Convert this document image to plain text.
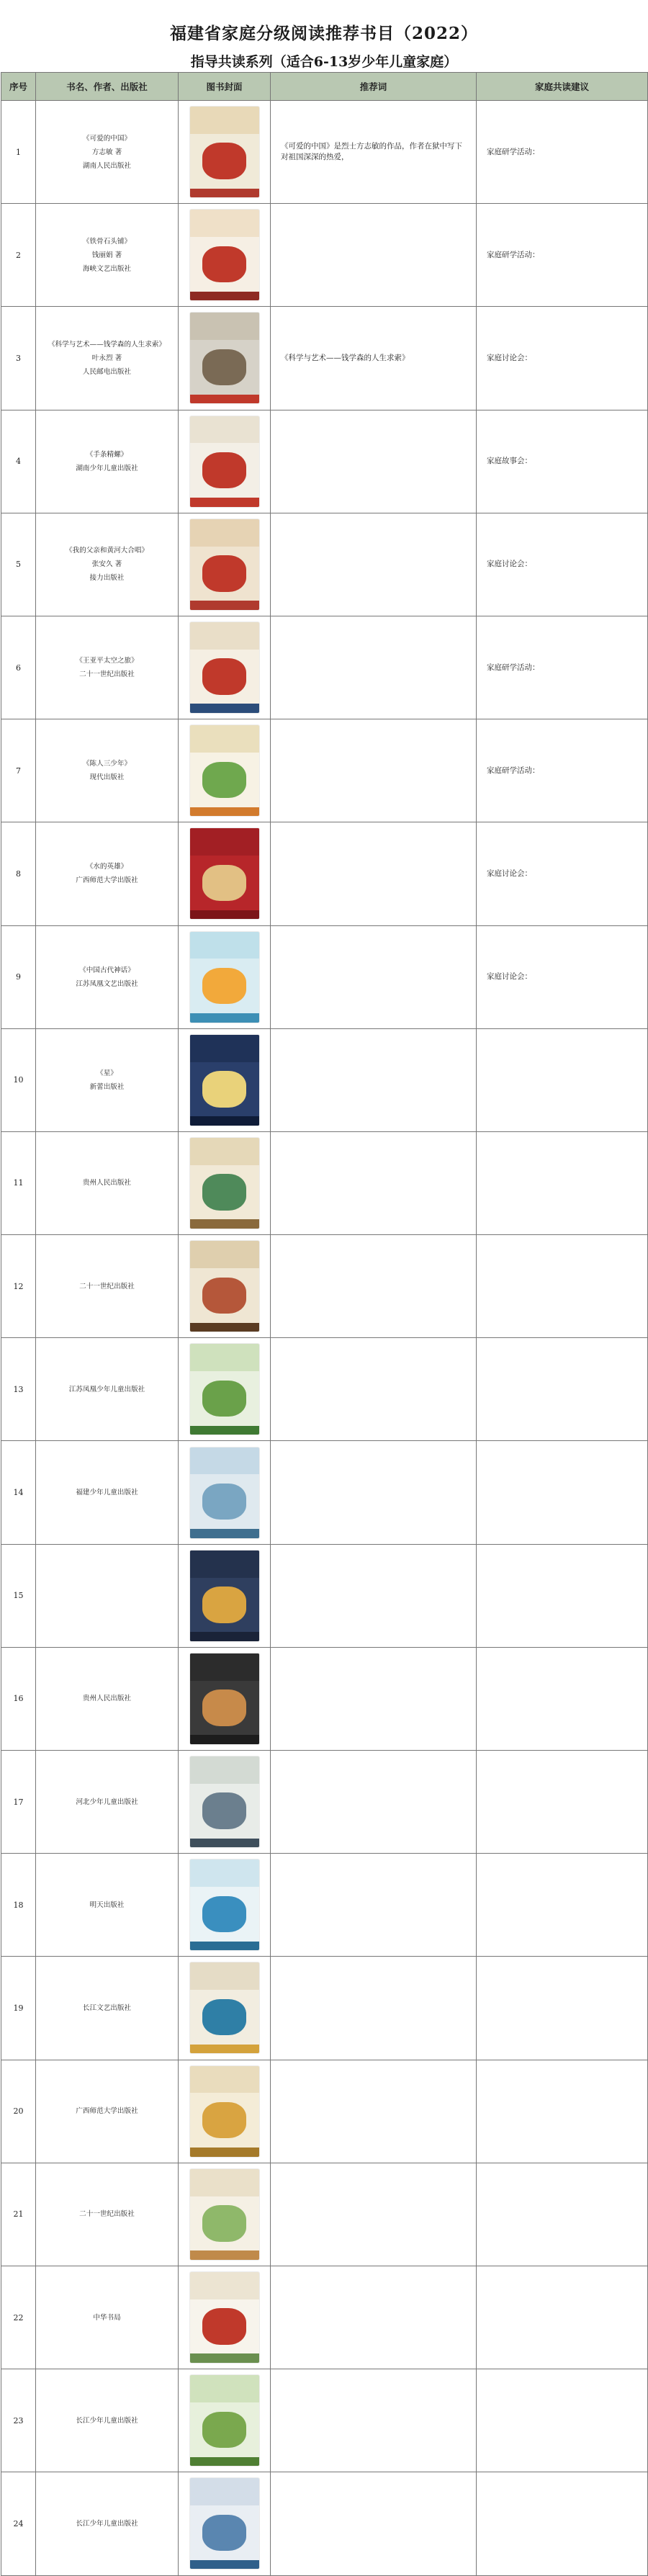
福建省家庭分级阅读推荐书目（2022）
指导共读系列（适合6-13岁少年儿童家庭）
序号	书名、作者、出版社	图书封面	推荐词	家庭共读建议
1	《可爱的中国》
方志敏 著
湖南人民出版社		《可爱的中国》是烈士方志敏的作品，作者在狱中写下对祖国深深的热爱，	家庭研学活动：
2	《铁骨石头铺》
钱丽娟 著
海峡文艺出版社			家庭研学活动：
3	《科学与艺术——钱学森的人生求索》
叶永烈 著
人民邮电出版社		《科学与艺术——钱学森的人生求索》	家庭讨论会：
4	《手条精螺》
湖南少年儿童出版社			家庭故事会：
5	《我的父亲和黄河大合唱》
张安久 著
接力出版社			家庭讨论会：
6	《王亚平太空之旅》
二十一世纪出版社			家庭研学活动：
7	《陈人三少年》
现代出版社			家庭研学活动：
8	《水的英雄》
广西师范大学出版社			家庭讨论会：
9	《中国古代神话》
江苏凤凰文艺出版社			家庭讨论会：
10	《星》
新蕾出版社			

11	贵州人民出版社			

12	二十一世纪出版社			

13	江苏凤凰少年儿童出版社			

14	福建少年儿童出版社			

15	

16	贵州人民出版社			

17	河北少年儿童出版社			

18	明天出版社			

19	长江文艺出版社			

20	广西师范大学出版社			

21	二十一世纪出版社			

22	中华书局			

23	长江少年儿童出版社			

24	长江少年儿童出版社			
